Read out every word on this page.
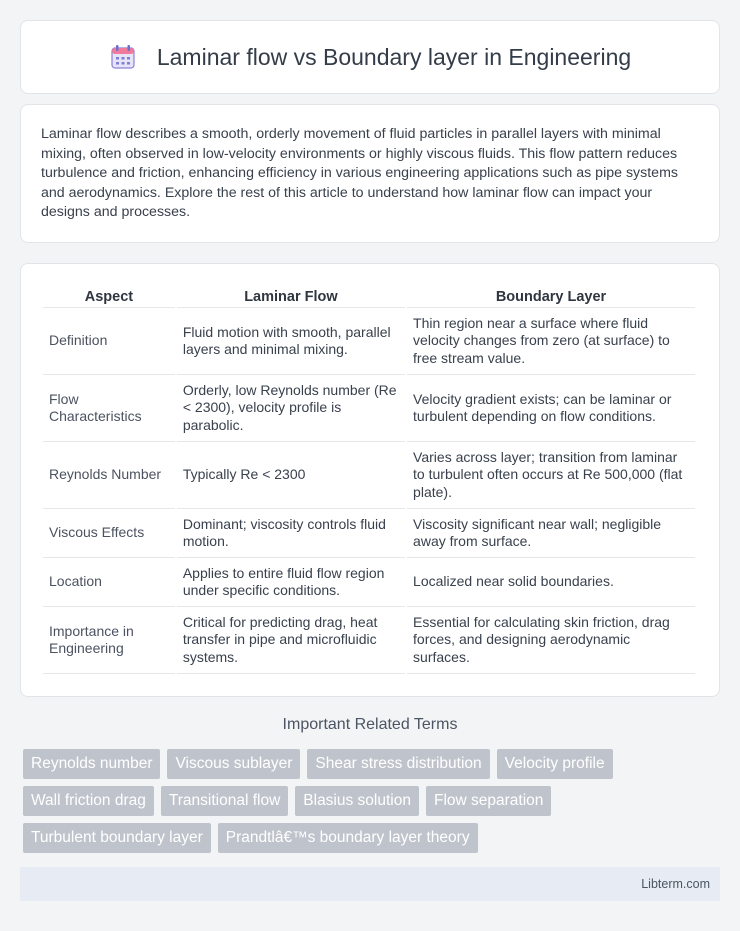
Laminar flow vs Boundary layer in Engineering

Laminar flow describes a smooth, orderly movement of fluid particles in parallel layers with minimal mixing, often observed in low-velocity environments or highly viscous fluids. This flow pattern reduces turbulence and friction, enhancing efficiency in various engineering applications such as pipe systems and aerodynamics. Explore the rest of this article to understand how laminar flow can impact your designs and processes.

Aspect	Laminar Flow	Boundary Layer
Definition	Fluid motion with smooth, parallel layers and minimal mixing.	Thin region near a surface where fluid velocity changes from zero (at surface) to free stream value.
Flow Characteristics	Orderly, low Reynolds number (Re < 2300), velocity profile is parabolic.	Velocity gradient exists; can be laminar or turbulent depending on flow conditions.
Reynolds Number	Typically Re < 2300	Varies across layer; transition from laminar to turbulent often occurs at Re 500,000 (flat plate).
Viscous Effects	Dominant; viscosity controls fluid motion.	Viscosity significant near wall; negligible away from surface.
Location	Applies to entire fluid flow region under specific conditions.	Localized near solid boundaries.
Importance in Engineering	Critical for predicting drag, heat transfer in pipe and microfluidic systems.	Essential for calculating skin friction, drag forces, and designing aerodynamic surfaces.
Important Related Terms
Reynolds number	Viscous sublayer	Shear stress distribution	Velocity profile
Wall friction drag	Transitional flow	Blasius solution	Flow separation
Turbulent boundary layer	Prandtlâ€™s boundary layer theory
Libterm.com
